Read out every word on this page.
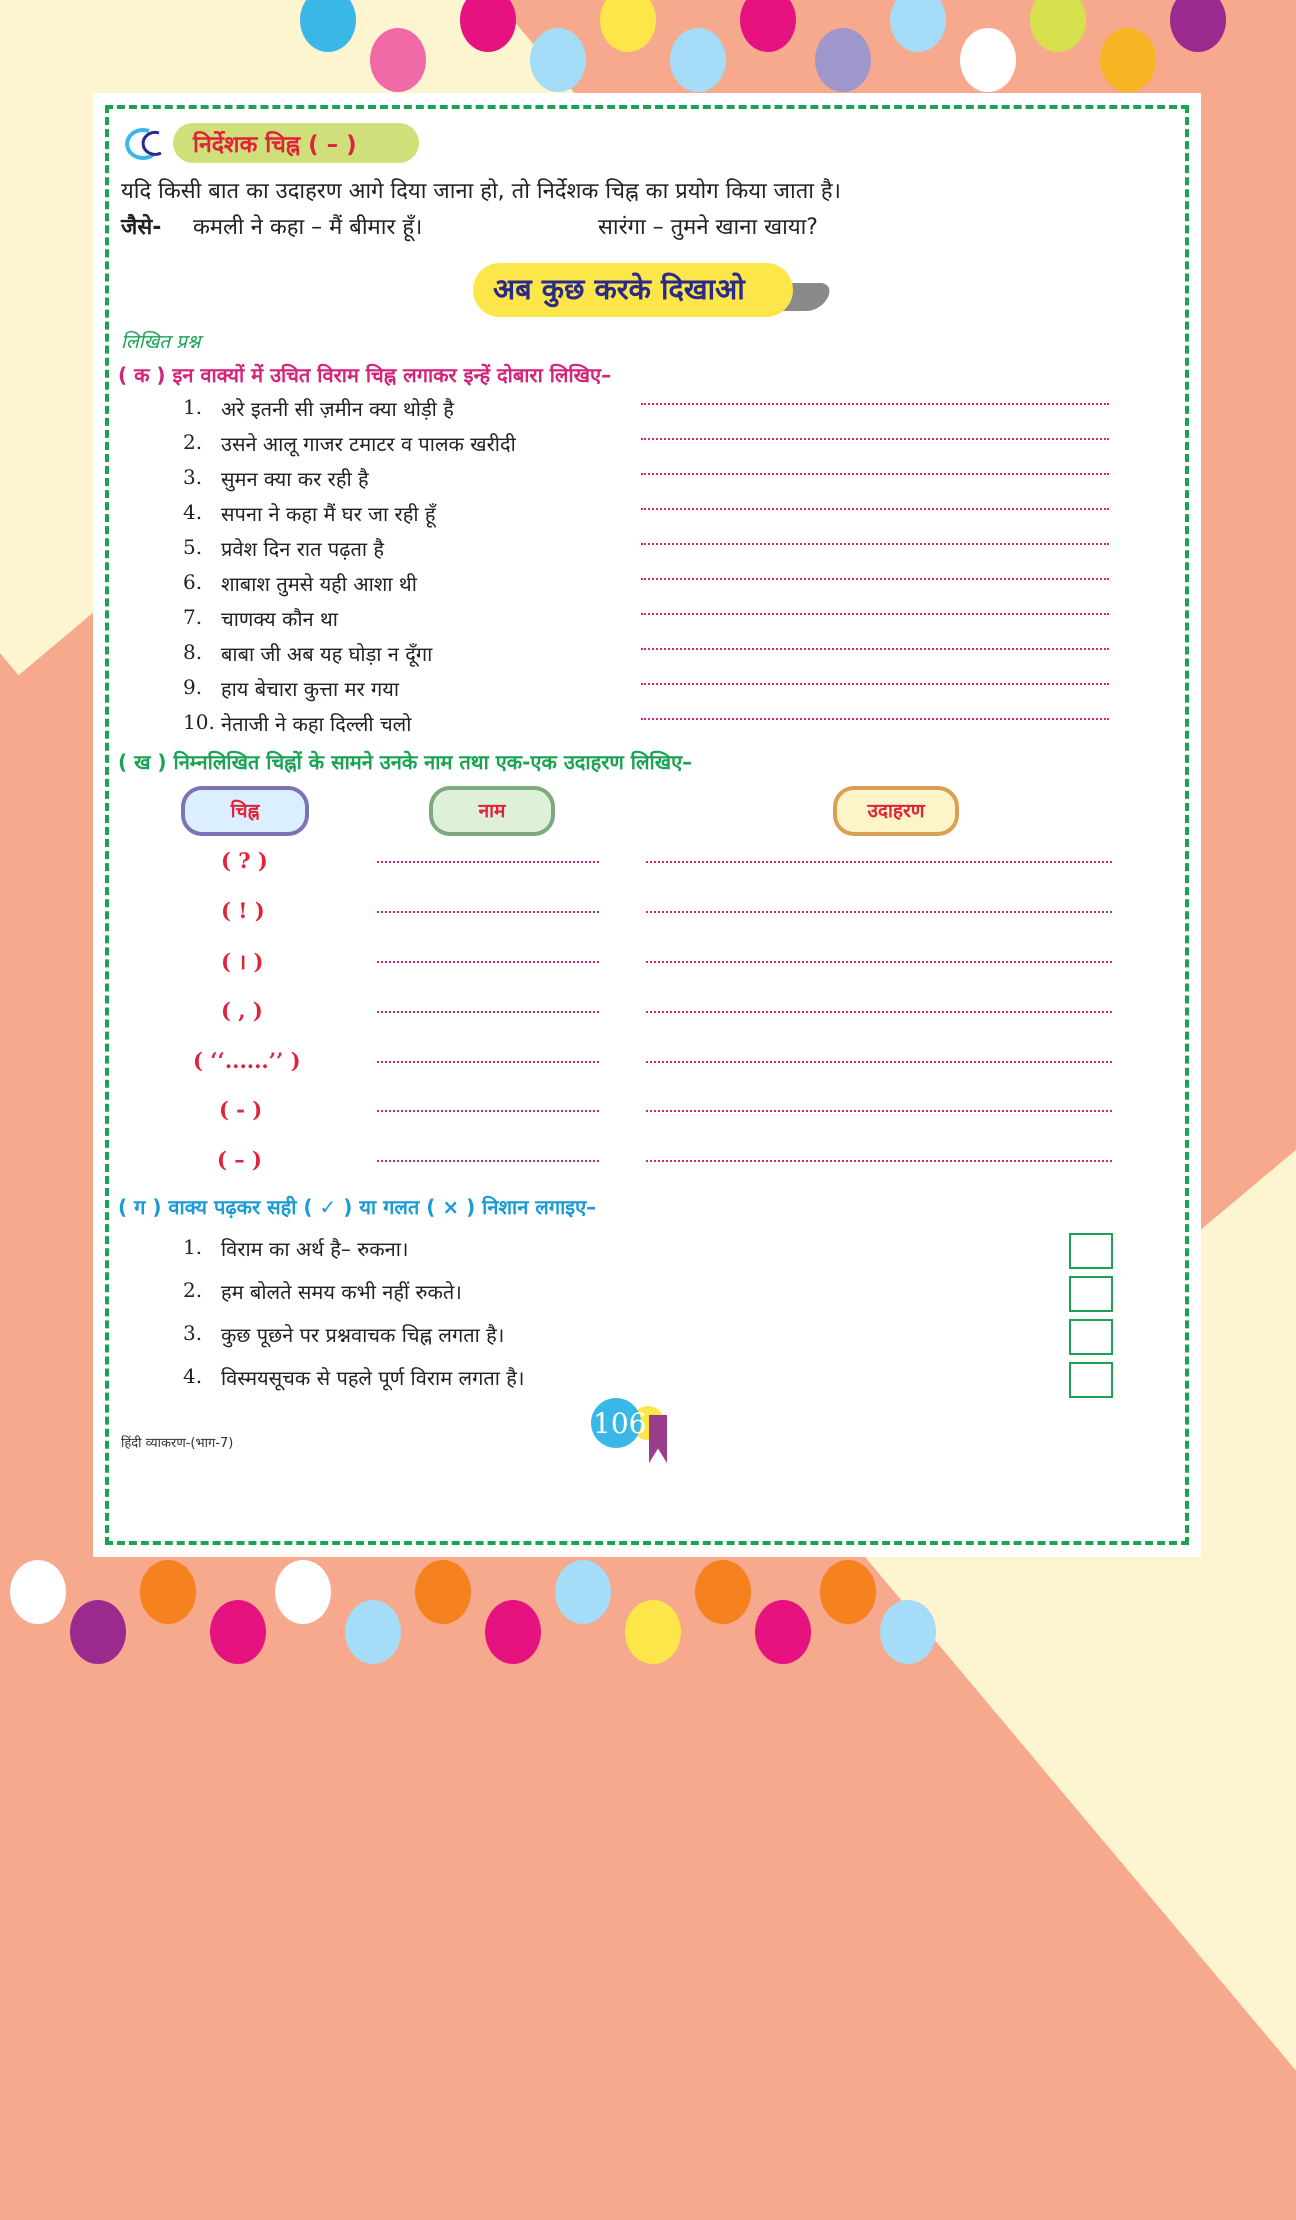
निर्देशक चिह्न ( – )
यदि किसी बात का उदाहरण आगे दिया जाना हो, तो निर्देशक चिह्न का प्रयोग किया जाता है।
जैसे- कमली ने कहा – मैं बीमार हूँ।	सारंगा – तुमने खाना खाया?
अब कुछ करके दिखाओ
लिखित प्रश्न
( क ) इन वाक्यों में उचित विराम चिह्न लगाकर इन्हें दोबारा लिखिए–
1. अरे इतनी सी ज़मीन क्या थोड़ी है
2. उसने आलू गाजर टमाटर व पालक खरीदी
3. सुमन क्या कर रही है
4. सपना ने कहा मैं घर जा रही हूँ
5. प्रवेश दिन रात पढ़ता है
6. शाबाश तुमसे यही आशा थी
7. चाणक्य कौन था
8. बाबा जी अब यह घोड़ा न दूँगा
9. हाय बेचारा कुत्ता मर गया
10. नेताजी ने कहा दिल्ली चलो
( ख ) निम्नलिखित चिह्नों के सामने उनके नाम तथा एक-एक उदाहरण लिखिए–
चिह्न	नाम	उदाहरण
( ? )
( ! )
( । )
( , )
( ‘‘......’’ )
( - )
( – )
( ग ) वाक्य पढ़कर सही ( ✓ ) या गलत ( × ) निशान लगाइए–
1. विराम का अर्थ है– रुकना।
2. हम बोलते समय कभी नहीं रुकते।
3. कुछ पूछने पर प्रश्नवाचक चिह्न लगता है।
4. विस्मयसूचक से पहले पूर्ण विराम लगता है।
हिंदी व्याकरण-(भाग-7)
106
